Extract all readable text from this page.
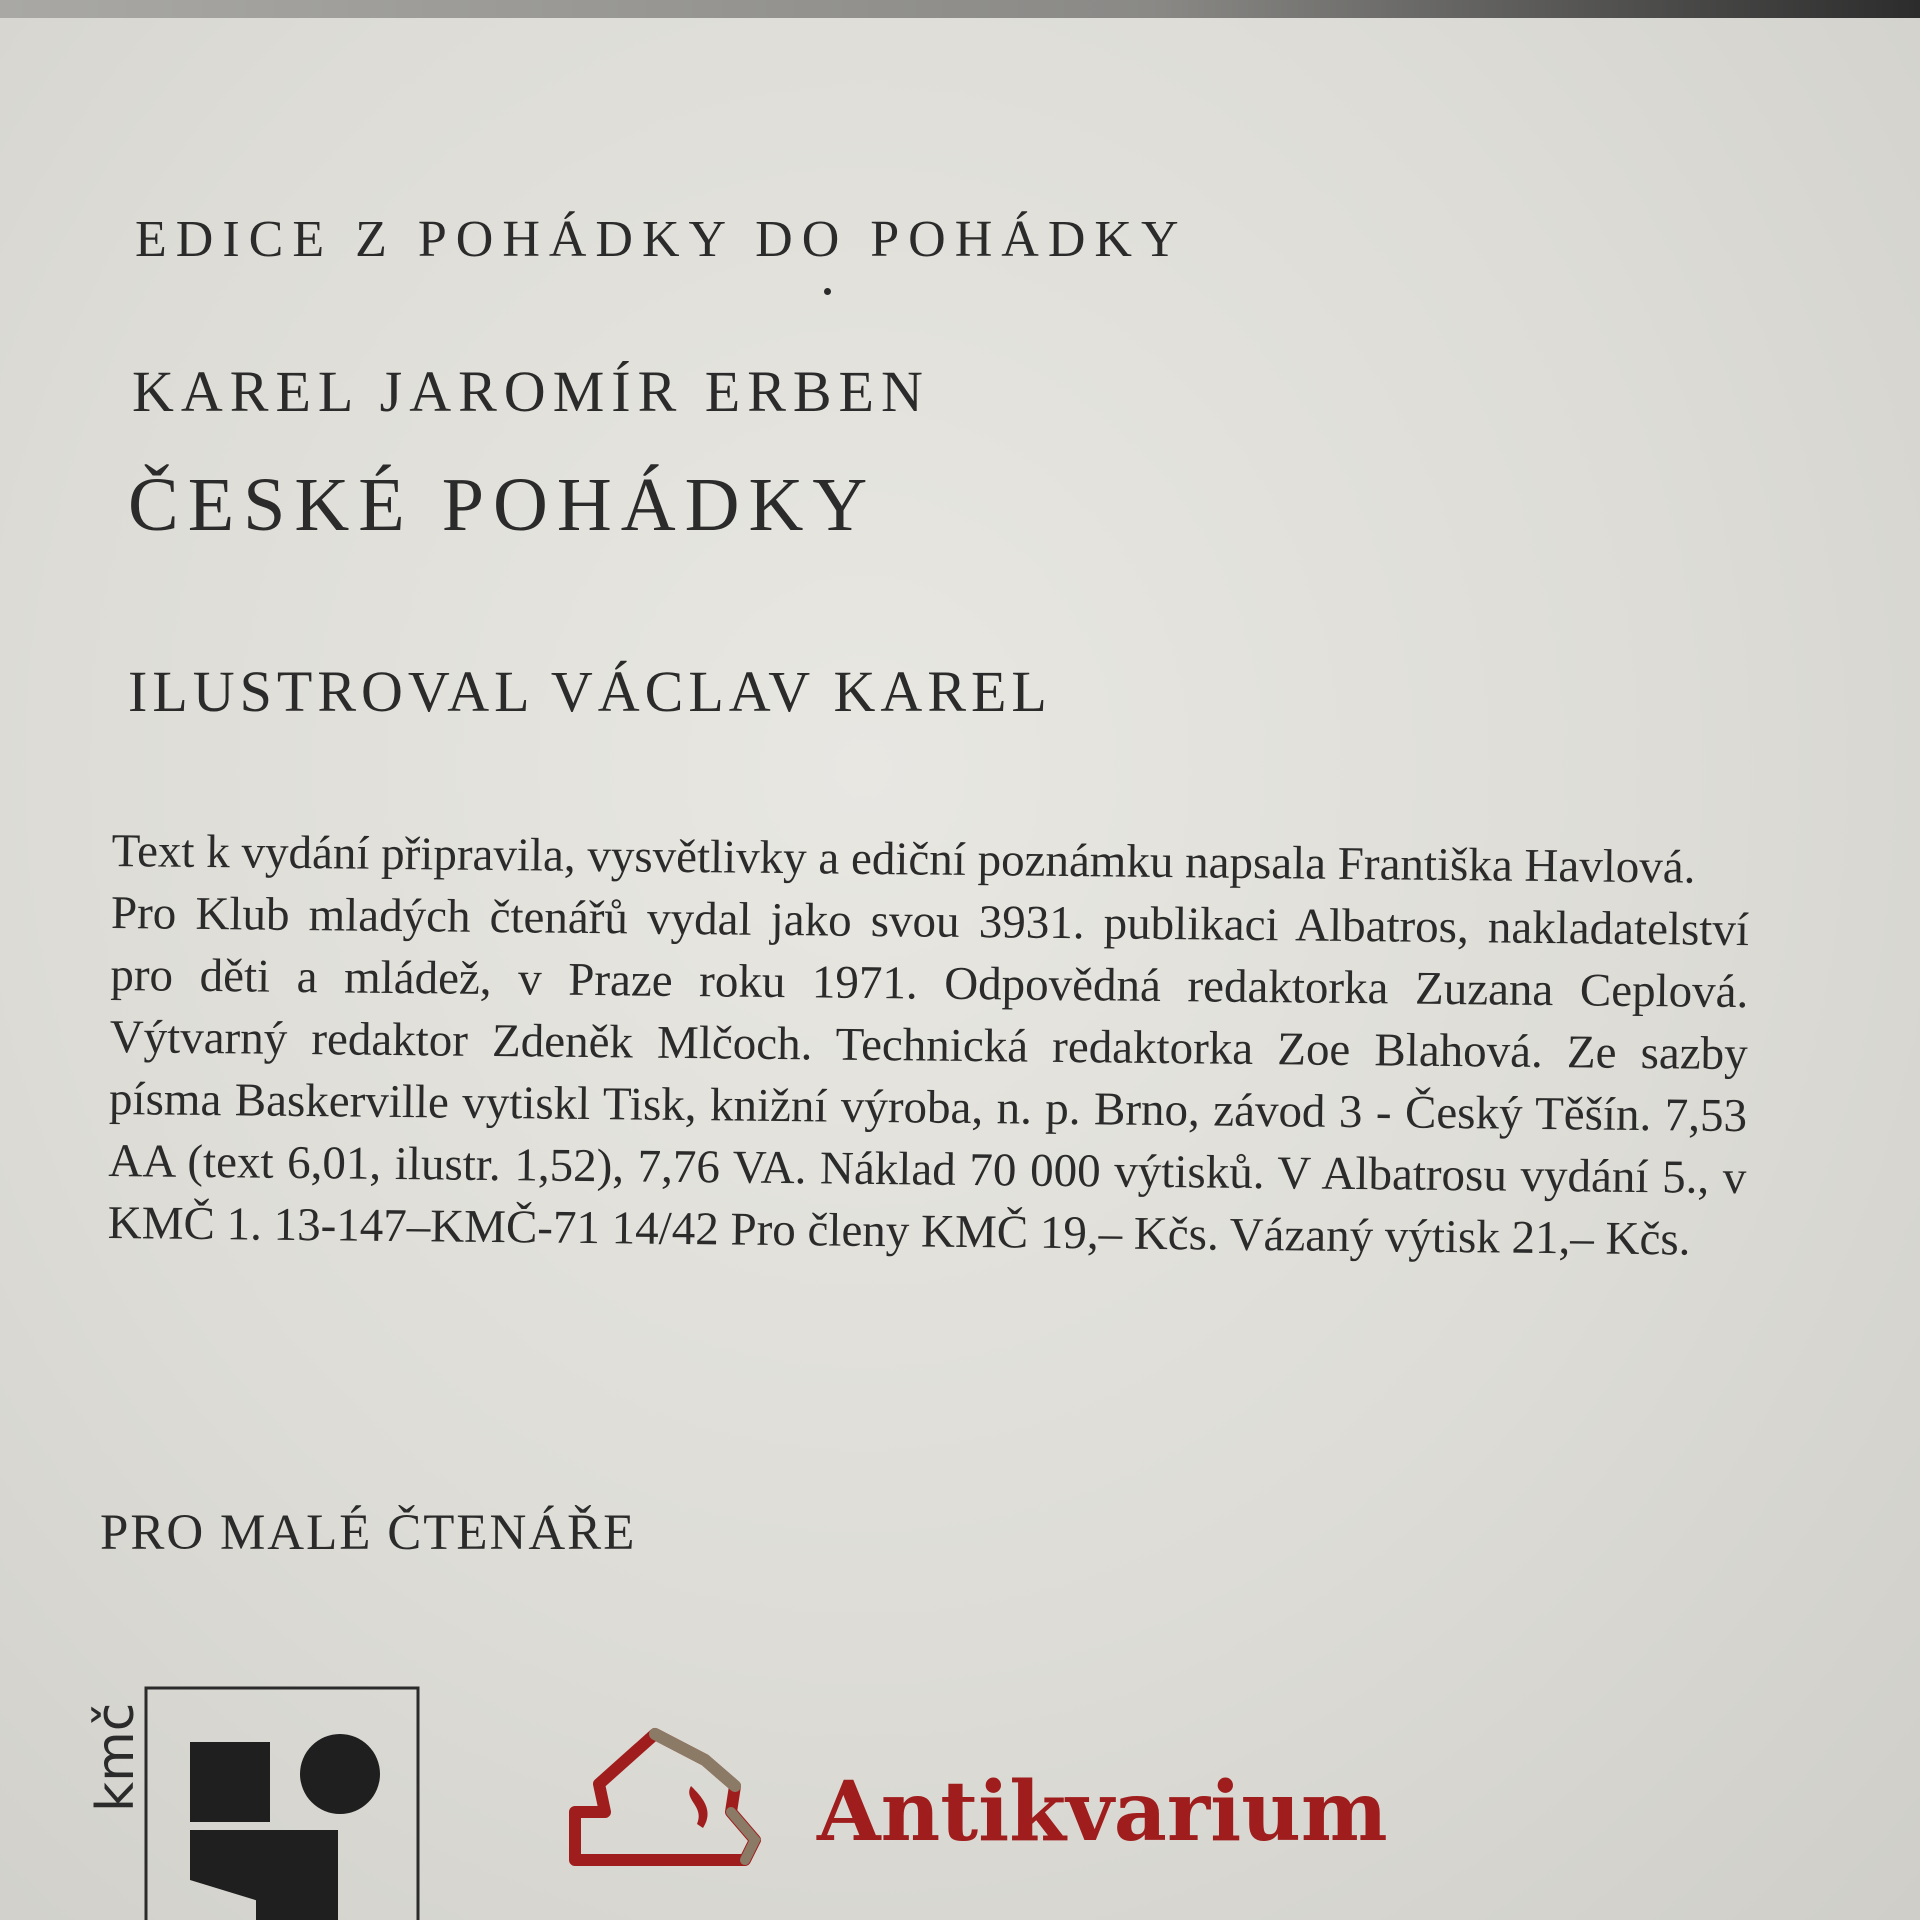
EDICE Z POHÁDKY DO POHÁDKY
KAREL JAROMÍR ERBEN
ČESKÉ POHÁDKY
ILUSTROVAL VÁCLAV KAREL

Text k vydání připravila, vysvětlivky a ediční poznámku napsala Františka Havlová.

Pro Klub mladých čtenářů vydal jako svou 3931. publikaci Albatros, nakladatelství pro děti a mládež, v Praze roku 1971. Odpovědná redaktorka Zuzana Ceplová. Výtvarný redaktor Zdeněk Mlčoch. Technická redaktorka Zoe Blahová. Ze sazby písma Baskerville vytiskl Tisk, knižní výroba, n. p. Brno, závod 3 - Český Těšín. 7,53 AA (text 6,01, ilustr. 1,52), 7,76 VA. Náklad 70 000 výtisků. V Albatrosu vydání 5., v KMČ 1. 13-147–KMČ-71 14/42 Pro členy KMČ 19,– Kčs. Vázaný výtisk 21,– Kčs.

PRO MALÉ ČTENÁŘE
kmč	Antikvarium
